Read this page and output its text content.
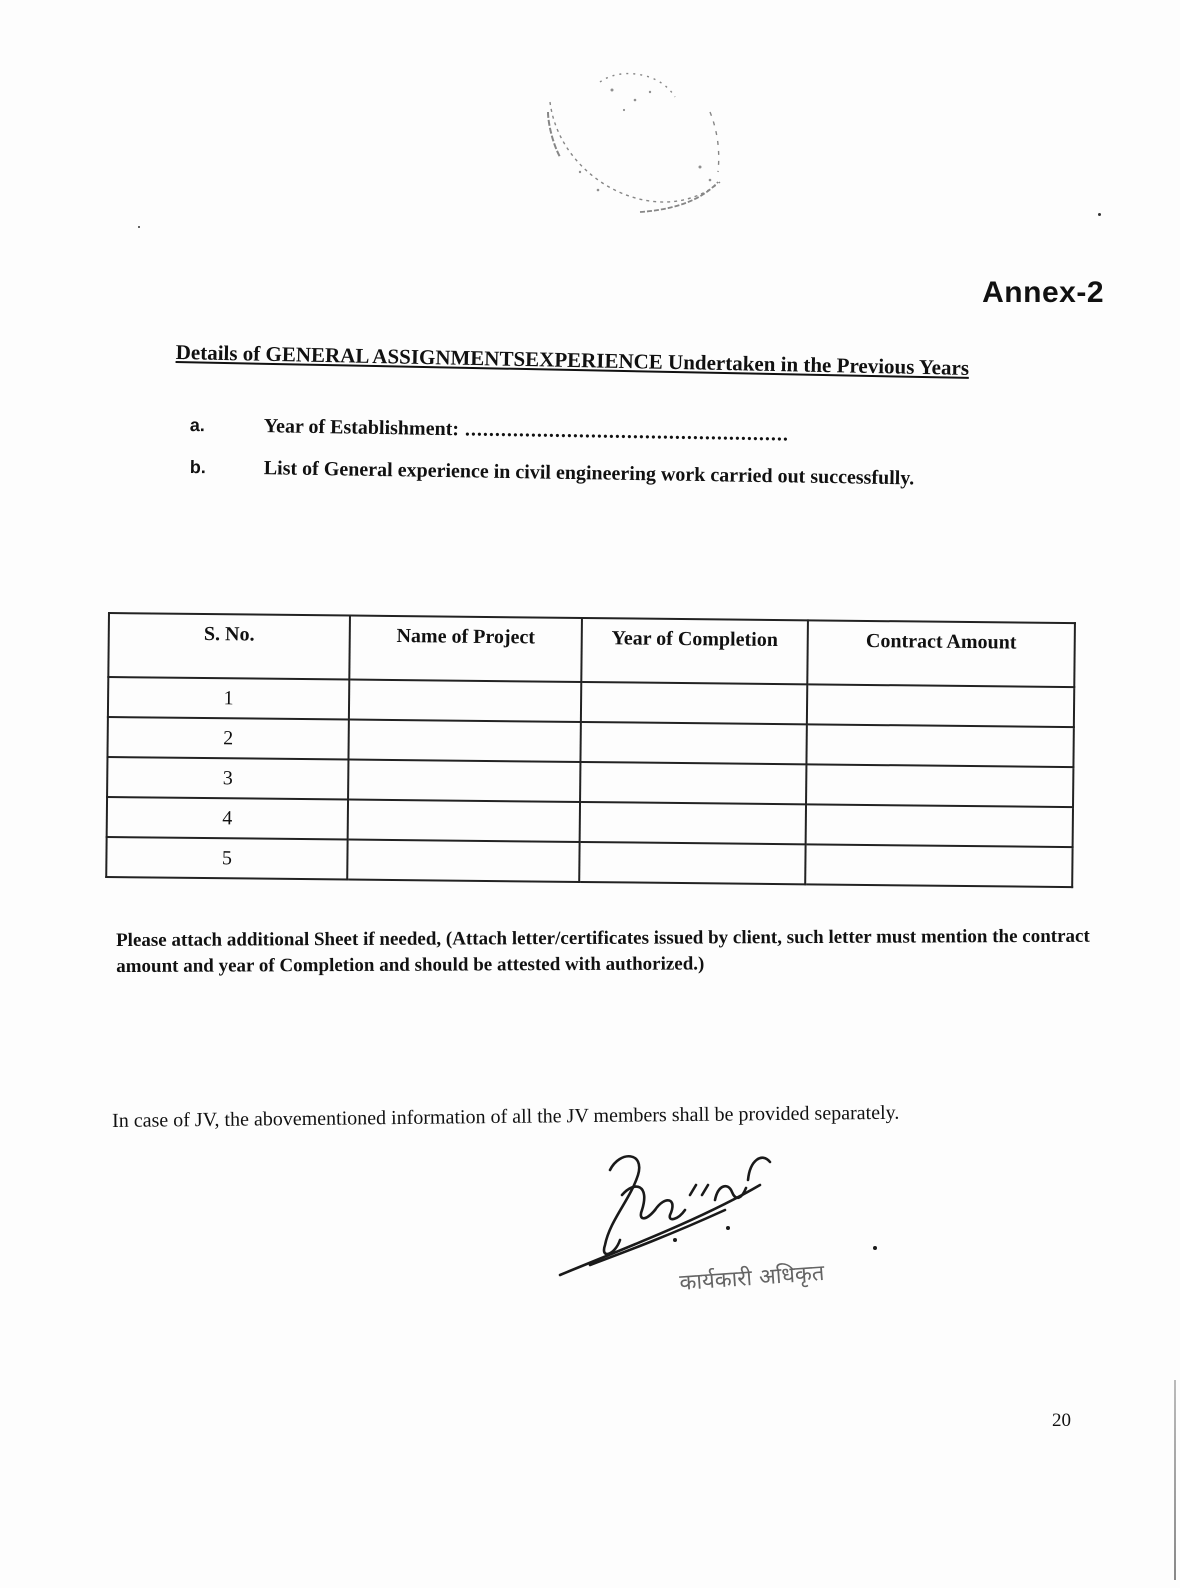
Annex-2
Details of GENERAL ASSIGNMENTSEXPERIENCE Undertaken in the Previous Years
a.	Year of Establishment: ......................................................
b.	List of General experience in civil engineering work carried out successfully.
S. No.	Name of Project	Year of Completion	Contract Amount
1			
2			
3			
4			
5			
Please attach additional Sheet if needed, (Attach letter/certificates issued by client, such letter must mention the contract amount and year of Completion and should be attested with authorized.)
In case of JV, the abovementioned information of all the JV members shall be provided separately.
कार्यकारी अधिकृत
20
